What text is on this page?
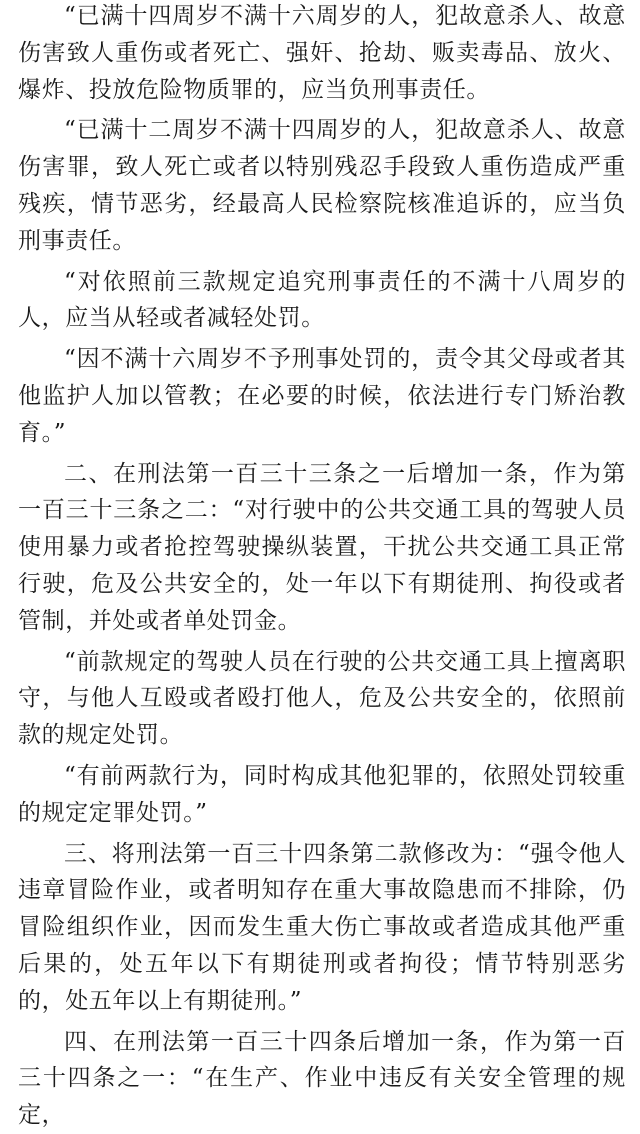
“已满十四周岁不满十六周岁的人，犯故意杀人、故意伤害致人重伤或者死亡、强奸、抢劫、贩卖毒品、放火、爆炸、投放危险物质罪的，应当负刑事责任。

“已满十二周岁不满十四周岁的人，犯故意杀人、故意伤害罪，致人死亡或者以特别残忍手段致人重伤造成严重残疾，情节恶劣，经最高人民检察院核准追诉的，应当负刑事责任。

“对依照前三款规定追究刑事责任的不满十八周岁的人，应当从轻或者减轻处罚。

“因不满十六周岁不予刑事处罚的，责令其父母或者其他监护人加以管教；在必要的时候，依法进行专门矫治教育。”

二、在刑法第一百三十三条之一后增加一条，作为第一百三十三条之二：“对行驶中的公共交通工具的驾驶人员使用暴力或者抢控驾驶操纵装置，干扰公共交通工具正常行驶，危及公共安全的，处一年以下有期徒刑、拘役或者管制，并处或者单处罚金。

“前款规定的驾驶人员在行驶的公共交通工具上擅离职守，与他人互殴或者殴打他人，危及公共安全的，依照前款的规定处罚。

“有前两款行为，同时构成其他犯罪的，依照处罚较重的规定定罪处罚。”

三、将刑法第一百三十四条第二款修改为：“强令他人违章冒险作业，或者明知存在重大事故隐患而不排除，仍冒险组织作业，因而发生重大伤亡事故或者造成其他严重后果的，处五年以下有期徒刑或者拘役；情节特别恶劣的，处五年以上有期徒刑。”

四、在刑法第一百三十四条后增加一条，作为第一百三十四条之一：“在生产、作业中违反有关安全管理的规定，
